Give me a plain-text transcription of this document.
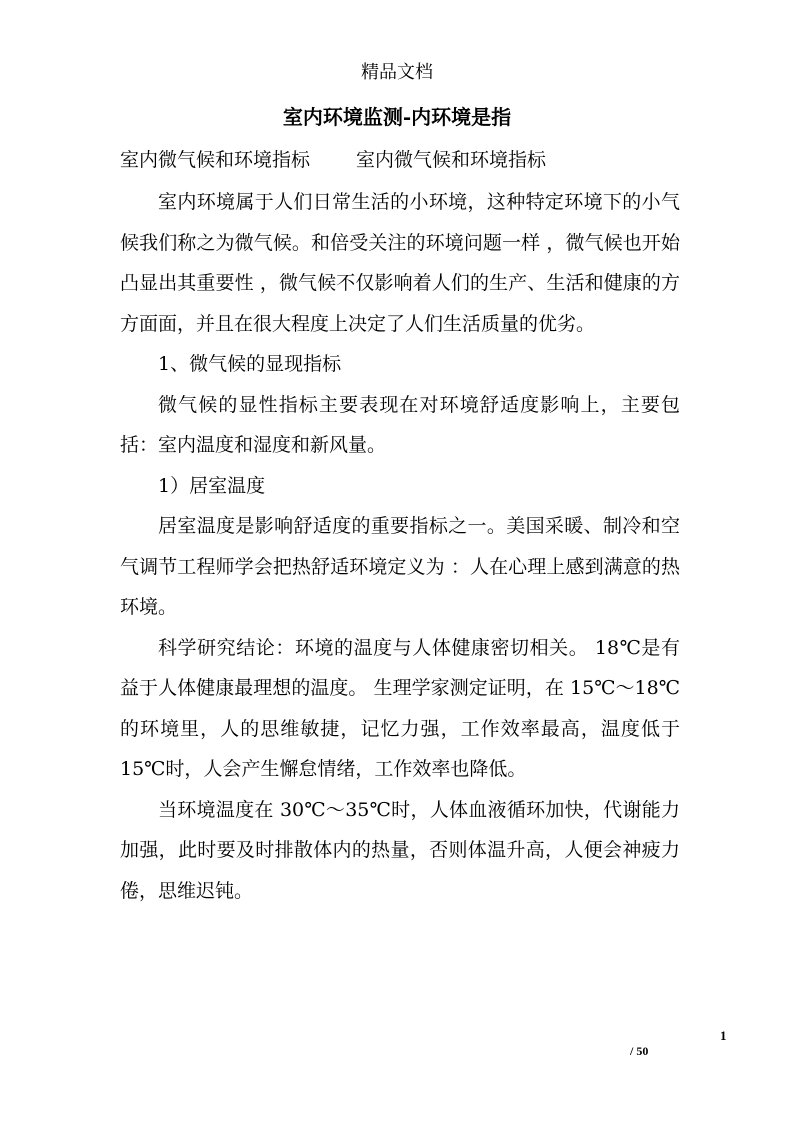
精品文档
室内环境监测-内环境是指
室内微气候和环境指标 室内微气候和环境指标

室内环境属于人们日常生活的小环境，这种特定环境下的小气候我们称之为微气候。和倍受关注的环境问题一样 ，微气候也开始凸显出其重要性 ，微气候不仅影响着人们的生产、生活和健康的方方面面，并且在很大程度上决定了人们生活质量的优劣。

1、微气候的显现指标

微气候的显性指标主要表现在对环境舒适度影响上，主要包括：室内温度和湿度和新风量。

1）居室温度

居室温度是影响舒适度的重要指标之一。美国采暖、制冷和空气调节工程师学会把热舒适环境定义为 ：人在心理上感到满意的热环境。

科学研究结论：环境的温度与人体健康密切相关。 18℃是有益于人体健康最理想的温度。 生理学家测定证明，在 15℃～18℃的环境里，人的思维敏捷，记忆力强，工作效率最高，温度低于 15℃时，人会产生懈怠情绪，工作效率也降低。

当环境温度在 30℃～35℃时，人体血液循环加快，代谢能力加强，此时要及时排散体内的热量，否则体温升高，人便会神疲力倦，思维迟钝。

1
/ 50
